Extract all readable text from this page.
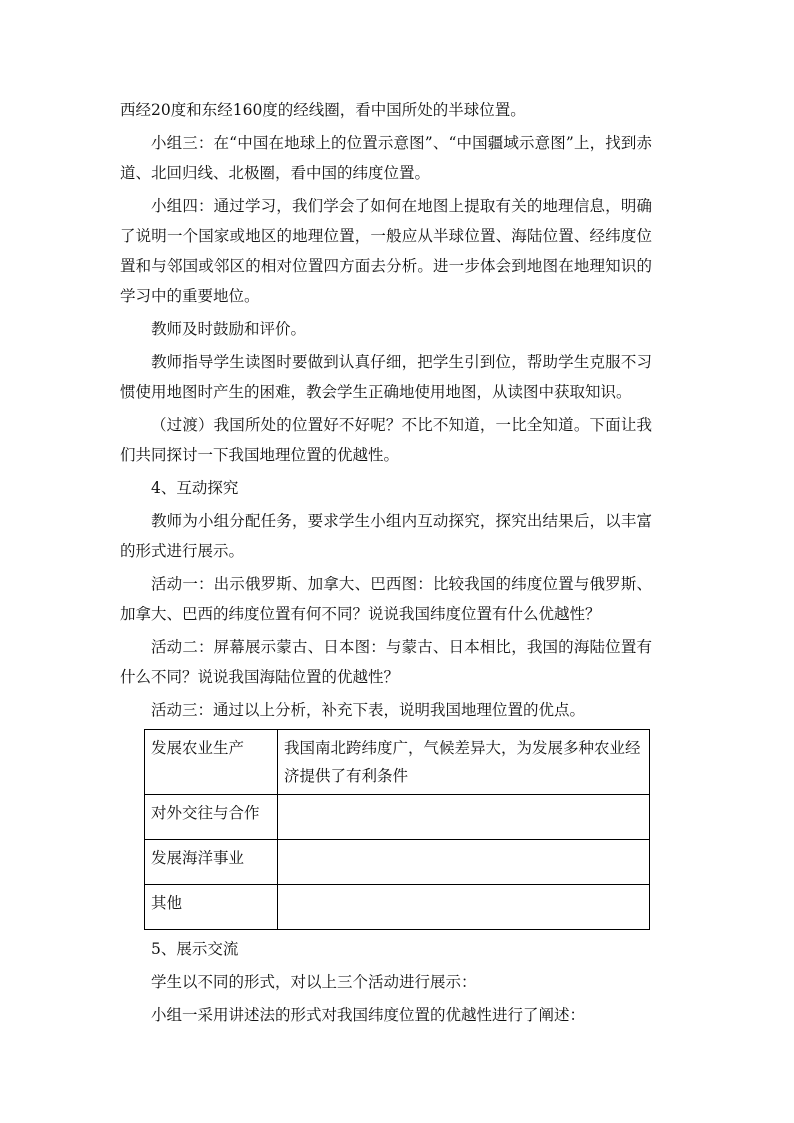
西经20度和东经160度的经线圈，看中国所处的半球位置。

小组三：在“中国在地球上的位置示意图”、“中国疆域示意图”上，找到赤道、北回归线、北极圈，看中国的纬度位置。

小组四：通过学习，我们学会了如何在地图上提取有关的地理信息，明确了说明一个国家或地区的地理位置，一般应从半球位置、海陆位置、经纬度位置和与邻国或邻区的相对位置四方面去分析。进一步体会到地图在地理知识的学习中的重要地位。

教师及时鼓励和评价。

教师指导学生读图时要做到认真仔细，把学生引到位，帮助学生克服不习惯使用地图时产生的困难，教会学生正确地使用地图，从读图中获取知识。

（过渡）我国所处的位置好不好呢？不比不知道，一比全知道。下面让我们共同探讨一下我国地理位置的优越性。

4、互动探究

教师为小组分配任务，要求学生小组内互动探究，探究出结果后，以丰富的形式进行展示。

活动一：出示俄罗斯、加拿大、巴西图：比较我国的纬度位置与俄罗斯、加拿大、巴西的纬度位置有何不同？说说我国纬度位置有什么优越性？

活动二：屏幕展示蒙古、日本图：与蒙古、日本相比，我国的海陆位置有什么不同？说说我国海陆位置的优越性？

活动三：通过以上分析，补充下表，说明我国地理位置的优点。

发展农业生产	我国南北跨纬度广，气候差异大，为发展多种农业经济提供了有利条件
对外交往与合作	
发展海洋事业	
其他	

5、展示交流

学生以不同的形式，对以上三个活动进行展示：

小组一采用讲述法的形式对我国纬度位置的优越性进行了阐述：
